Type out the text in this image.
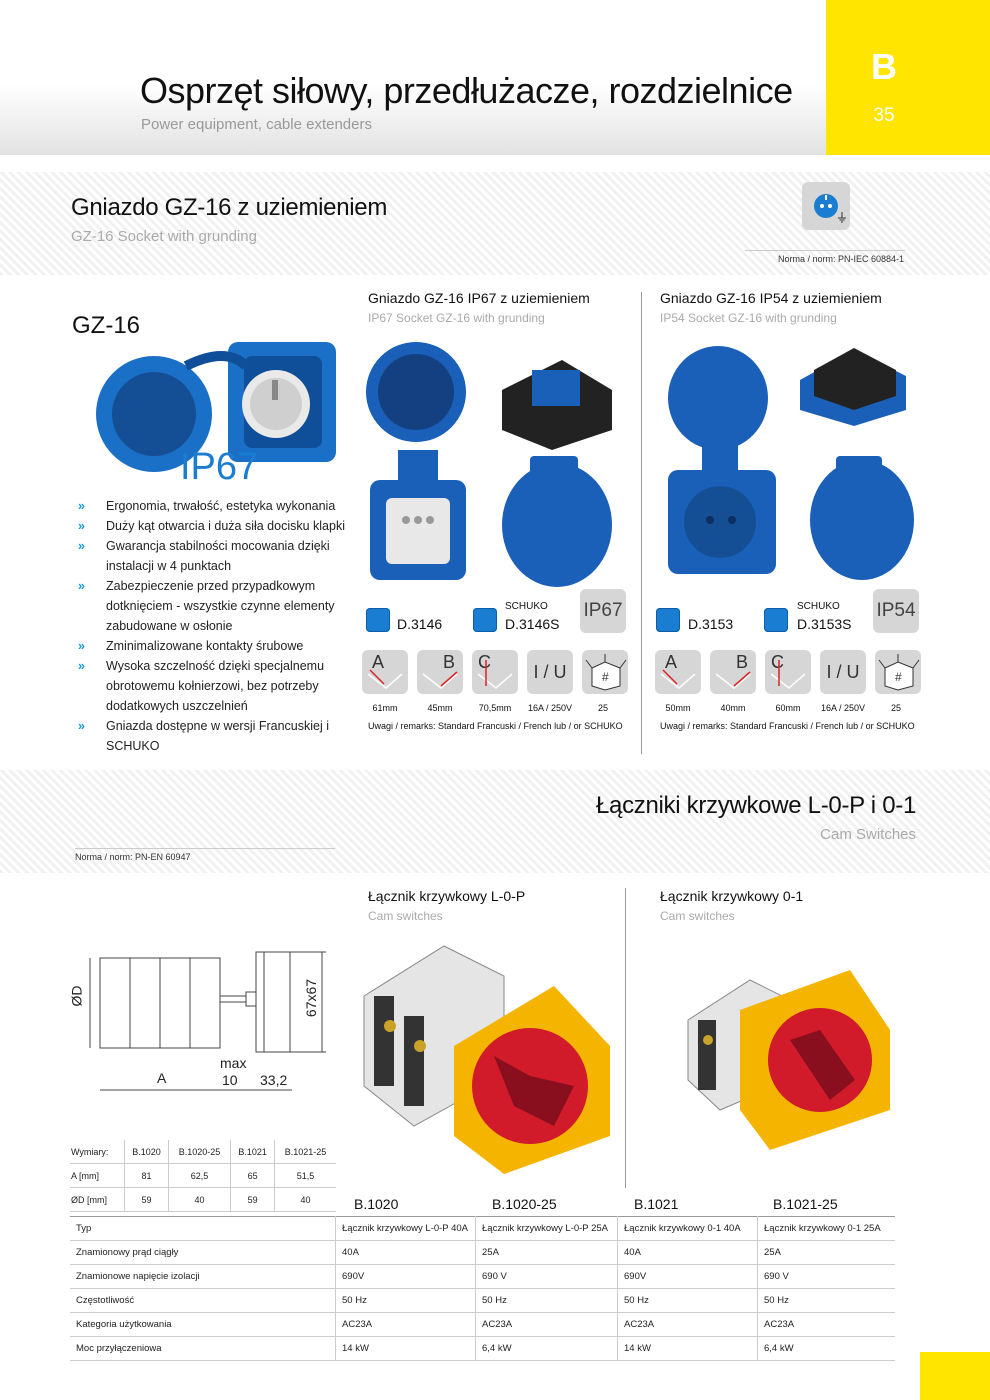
B
35
Osprzęt siłowy, przedłużacze, rozdzielnice
Power equipment, cable extenders
Gniazdo GZ-16 z uziemieniem
GZ-16 Socket with grunding
Norma / norm: PN-IEC 60884-1
GZ-16
IP67
»	Ergonomia, trwałość, estetyka wykonania
»	Duży kąt otwarcia i duża siła docisku klapki
»	Gwarancja stabilności mocowania dzięki instalacji w 4 punktach
»	Zabezpieczenie przed przypadkowym dotknięciem - wszystkie czynne elementy zabudowane w osłonie
»	Zminimalizowane kontakty śrubowe
»	Wysoka szczelność dzięki specjalnemu obrotowemu kołnierzowi, bez potrzeby dodatkowych uszczelnień
»	Gniazda dostępne w wersji Francuskiej i SCHUKO
Gniazdo GZ-16 IP67 z uziemieniem
IP67 Socket GZ-16 with grunding
D.3146
SCHUKO
D.3146S
IP67
A	B C	I / U	#
61mm	45mm	70,5mm	16A / 250V	25
Uwagi / remarks: Standard Francuski / French lub / or SCHUKO
Gniazdo GZ-16 IP54 z uziemieniem
IP54 Socket GZ-16 with grunding
D.3153
SCHUKO
D.3153S
IP54
A	B C	I / U	#
50mm	40mm	60mm	16A / 250V	25
Uwagi / remarks: Standard Francuski / French lub / or SCHUKO
Łączniki krzywkowe L-0-P i 0-1
Cam Switches
Norma / norm: PN-EN 60947
ØD
A
max
10 33,2
67x67
Wymiary:	B.1020	B.1020-25	B.1021	B.1021-25
A [mm]	81	62,5	65	51,5
ØD [mm]	59	40	59	40
Łącznik krzywkowy L-0-P
Cam switches
Łącznik krzywkowy 0-1
Cam switches
B.1020	B.1020-25	B.1021	B.1021-25
Typ	Łącznik krzywkowy L-0-P 40A	Łącznik krzywkowy L-0-P 25A	Łącznik krzywkowy 0-1 40A	Łącznik krzywkowy 0-1 25A
Znamionowy prąd ciągły	40A	25A	40A	25A
Znamionowe napięcie izolacji	690V	690 V	690V	690 V
Częstotliwość	50 Hz	50 Hz	50 Hz	50 Hz
Kategoria użytkowania	AC23A	AC23A	AC23A	AC23A
Moc przyłączeniowa	14 kW	6,4 kW	14 kW	6,4 kW
